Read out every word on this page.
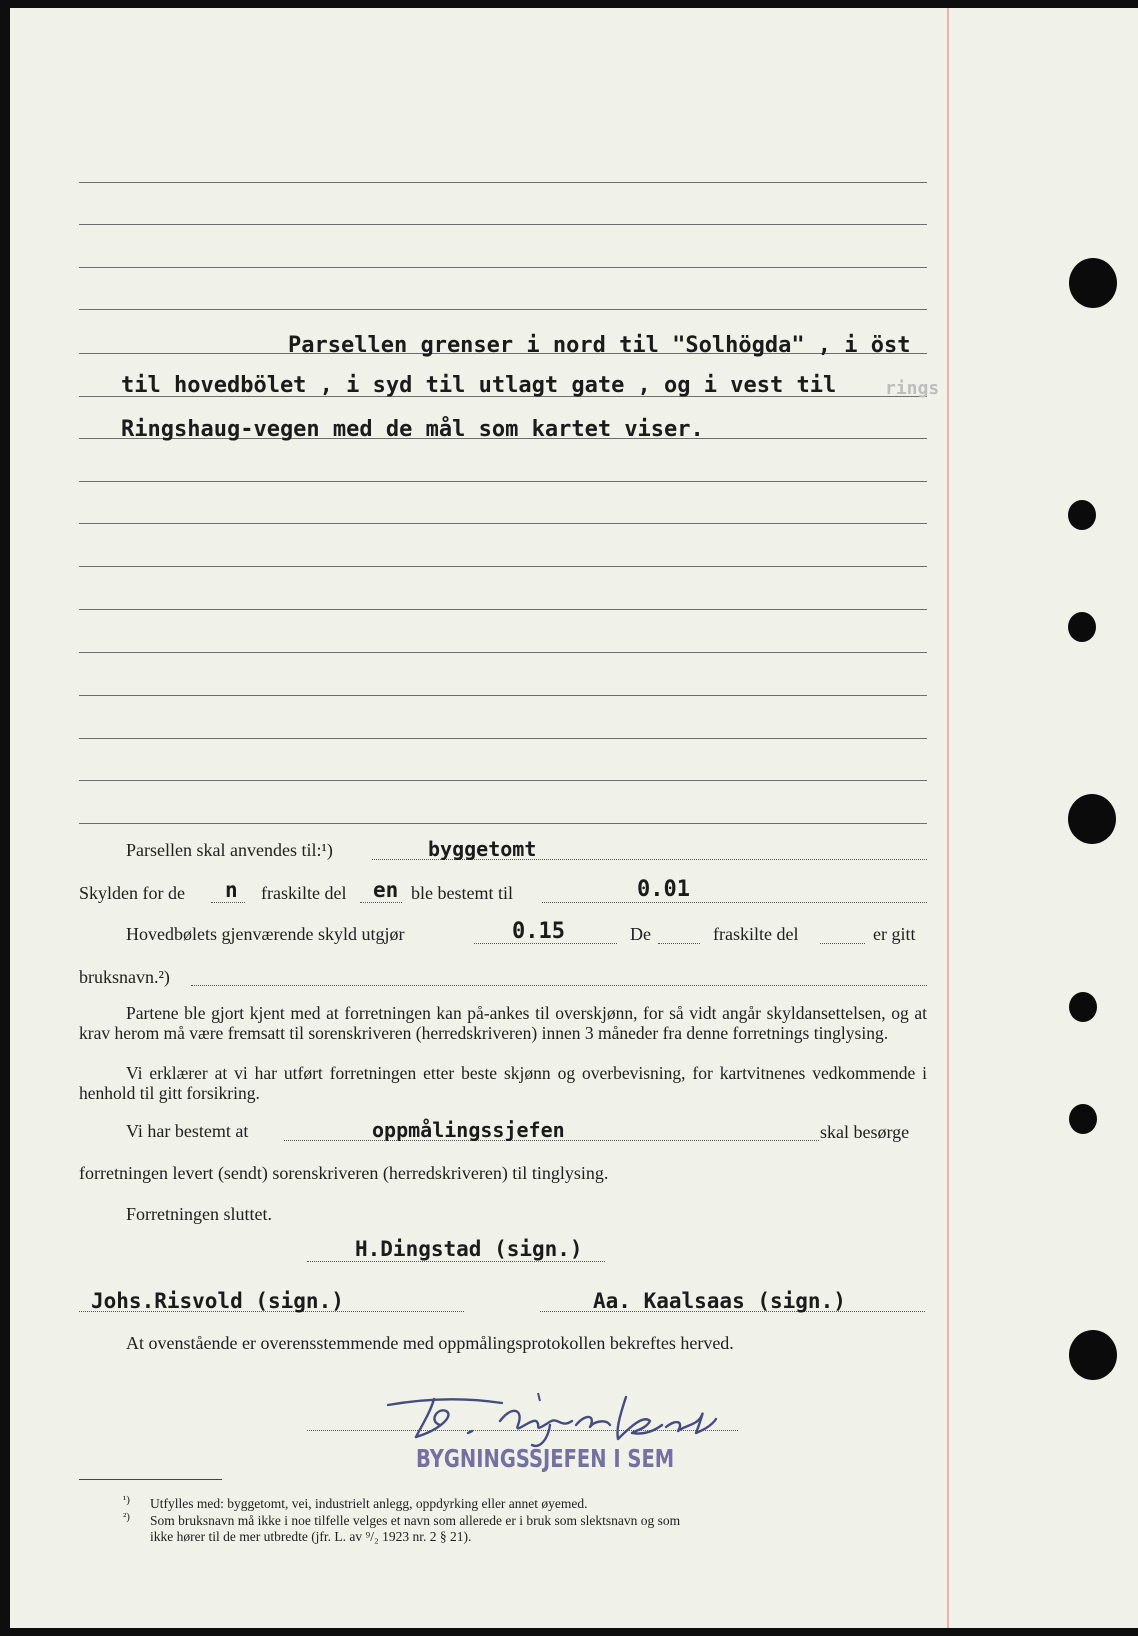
Parsellen grenser i nord til "Solhögda" , i öst
til hovedbölet , i syd til utlagt gate , og i vest til	rings
Ringshaug-vegen med de mål som kartet viser.
Parsellen skal anvendes til:¹)	byggetomt
Skylden for de n fraskilte del en ble bestemt til	0.01
Hovedbølets gjenværende skyld utgjør	0.15	De	fraskilte del	er gitt
bruksnavn.²)
Partene ble gjort kjent med at forretningen kan på-ankes til overskjønn, for så vidt angår skyldansettelsen, og at krav herom må være fremsatt til sorenskriveren (herredskriveren) innen 3 måneder fra denne forretnings tinglysing.
Vi erklærer at vi har utført forretningen etter beste skjønn og overbevisning, for kartvitnenes vedkommende i henhold til gitt forsikring.
Vi har bestemt at	oppmålingssjefen	skal besørge
forretningen levert (sendt) sorenskriveren (herredskriveren) til tinglysing.
Forretningen sluttet.
H.Dingstad (sign.)
Johs.Risvold (sign.)	Aa. Kaalsaas (sign.)
At ovenstående er overensstemmende med oppmålingsprotokollen bekreftes herved.
BYGNINGSSJEFEN I SEM
¹) Utfylles med: byggetomt, vei, industrielt anlegg, oppdyrking eller annet øyemed.
²) Som bruksnavn må ikke i noe tilfelle velges et navn som allerede er i bruk som slektsnavn og som
ikke hører til de mer utbredte (jfr. L. av ⁹/₂ 1923 nr. 2 § 21).
